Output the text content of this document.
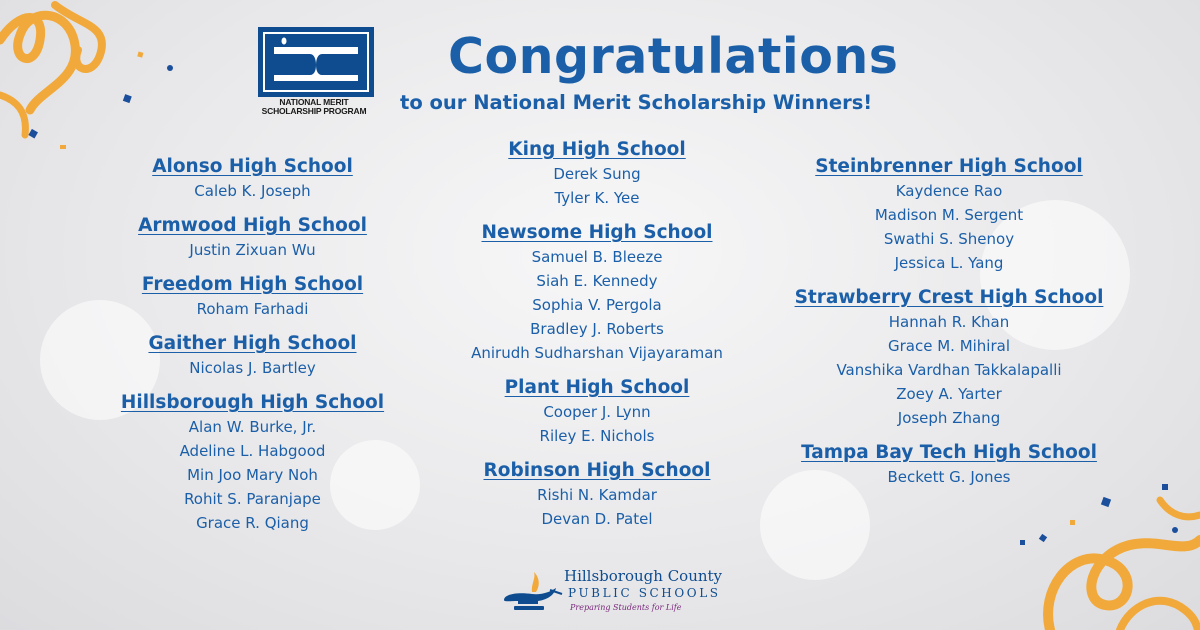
NATIONAL MERIT
SCHOLARSHIP PROGRAM
Congratulations

to our National Merit Scholarship Winners!

Alonso High School
Caleb K. Joseph
Armwood High School
Justin Zixuan Wu
Freedom High School
Roham Farhadi
Gaither High School
Nicolas J. Bartley
Hillsborough High School
Alan W. Burke, Jr.
Adeline L. Habgood
Min Joo Mary Noh
Rohit S. Paranjape
Grace R. Qiang
King High School
Derek Sung
Tyler K. Yee
Newsome High School
Samuel B. Bleeze
Siah E. Kennedy
Sophia V. Pergola
Bradley J. Roberts
Anirudh Sudharshan Vijayaraman
Plant High School
Cooper J. Lynn
Riley E. Nichols
Robinson High School
Rishi N. Kamdar
Devan D. Patel
Steinbrenner High School
Kaydence Rao
Madison M. Sergent
Swathi S. Shenoy
Jessica L. Yang
Strawberry Crest High School
Hannah R. Khan
Grace M. Mihiral
Vanshika Vardhan Takkalapalli
Zoey A. Yarter
Joseph Zhang
Tampa Bay Tech High School
Beckett G. Jones
Hillsborough County
PUBLIC SCHOOLS
Preparing Students for Life
